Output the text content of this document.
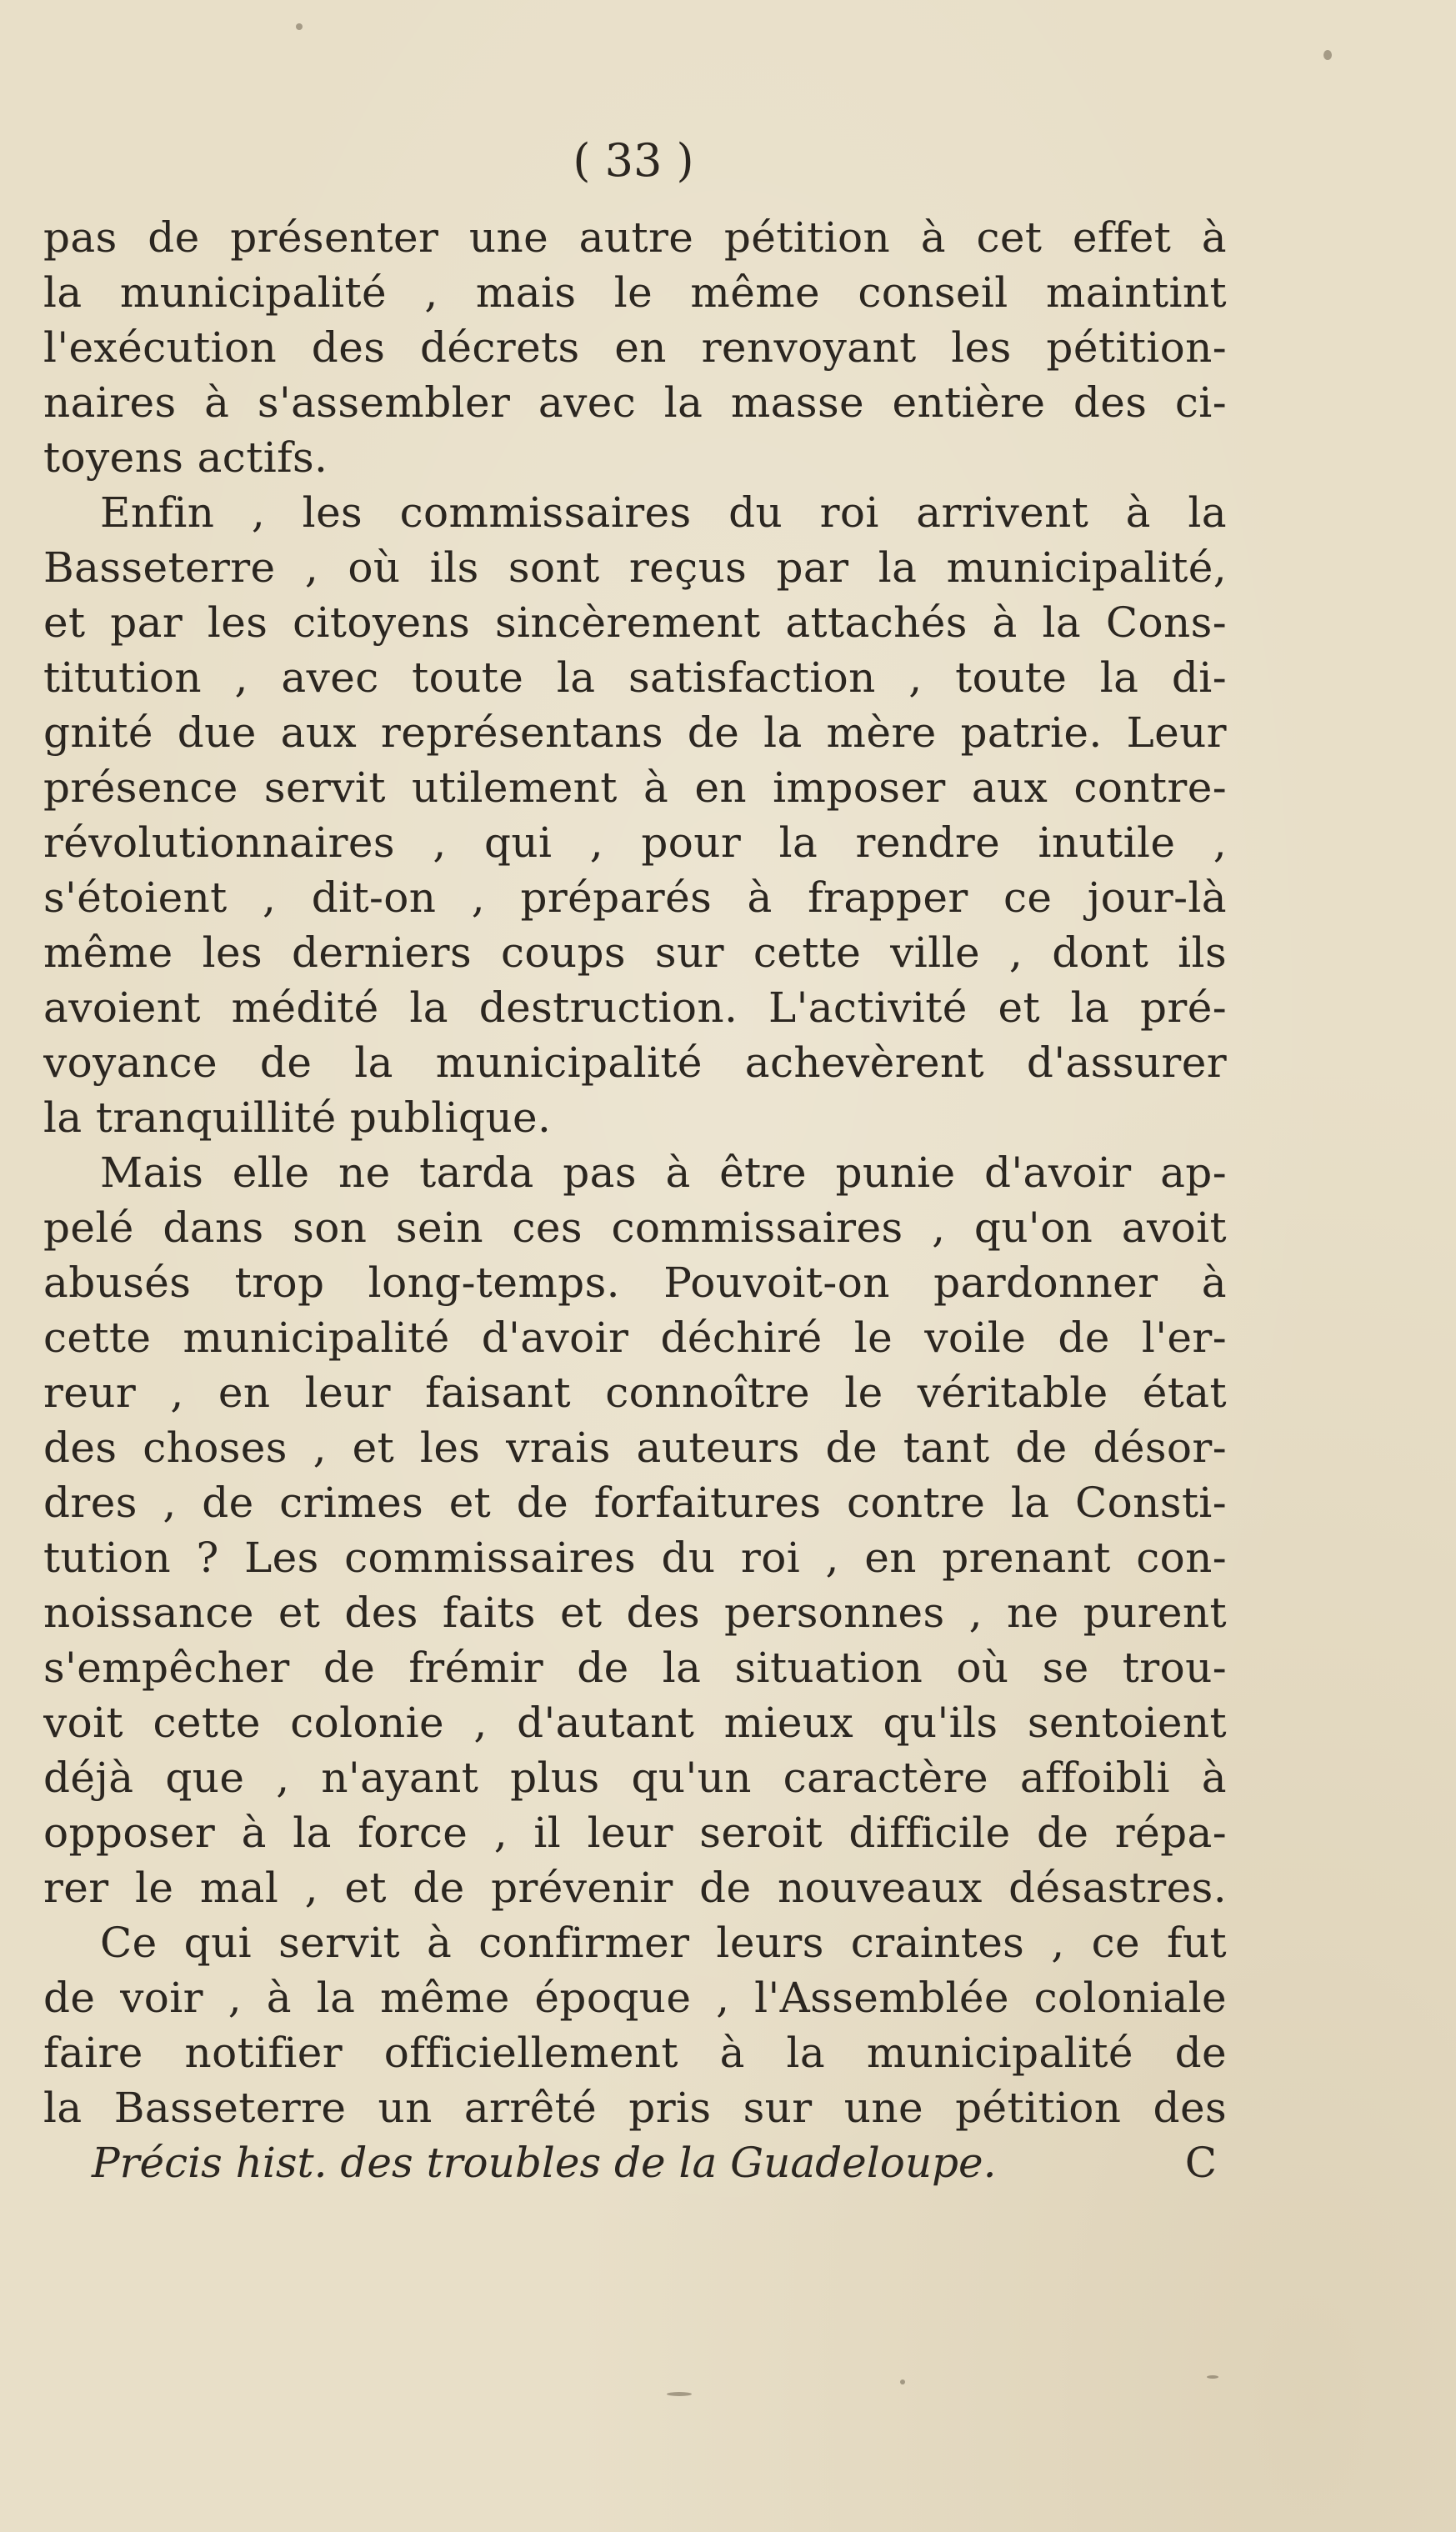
( 33 )
pas de présenter une autre pétition à cet effet à
la municipalité , mais le même conseil maintint
l'exécution des décrets en renvoyant les pétition-
naires à s'assembler avec la masse entière des ci-
toyens actifs.
Enfin , les commissaires du roi arrivent à la
Basseterre , où ils sont reçus par la municipalité,
et par les citoyens sincèrement attachés à la Cons-
titution , avec toute la satisfaction , toute la di-
gnité due aux représentans de la mère patrie. Leur
présence servit utilement à en imposer aux contre-
révolutionnaires , qui , pour la rendre inutile ,
s'étoient , dit-on , préparés à frapper ce jour-là
même les derniers coups sur cette ville , dont ils
avoient médité la destruction. L'activité et la pré-
voyance de la municipalité achevèrent d'assurer
la tranquillité publique.
Mais elle ne tarda pas à être punie d'avoir ap-
pelé dans son sein ces commissaires , qu'on avoit
abusés trop long-temps. Pouvoit-on pardonner à
cette municipalité d'avoir déchiré le voile de l'er-
reur , en leur faisant connoître le véritable état
des choses , et les vrais auteurs de tant de désor-
dres , de crimes et de forfaitures contre la Consti-
tution ? Les commissaires du roi , en prenant con-
noissance et des faits et des personnes , ne purent
s'empêcher de frémir de la situation où se trou-
voit cette colonie , d'autant mieux qu'ils sentoient
déjà que , n'ayant plus qu'un caractère affoibli à
opposer à la force , il leur seroit difficile de répa-
rer le mal , et de prévenir de nouveaux désastres.
Ce qui servit à confirmer leurs craintes , ce fut
de voir , à la même époque , l'Assemblée coloniale
faire notifier officiellement à la municipalité de
la Basseterre un arrêté pris sur une pétition des
Précis hist. des troubles de la Guadeloupe.	C
